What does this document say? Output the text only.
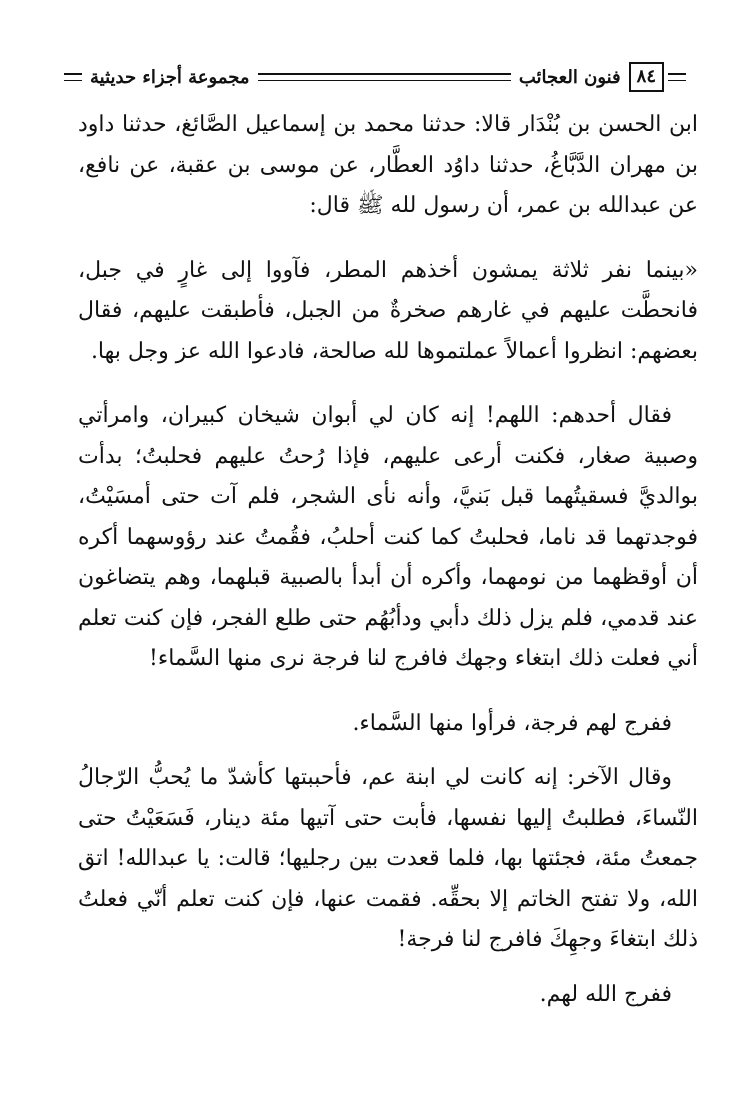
٨٤
فنون العجائب
مجموعة أجزاء حديثية

ابن الحسن بن بُنْدَار قالا: حدثنا محمد بن إسماعيل الصَّائغ، حدثنا داود بن مهران الدَّبَّاغُ، حدثنا داوُد العطَّار، عن موسى بن عقبة، عن نافع، عن عبدالله بن عمر، أن رسول لله ﷺ قال:

«بينما نفر ثلاثة يمشون أخذهم المطر، فآووا إلى غارٍ في جبل، فانحطَّت عليهم في غارهم صخرةٌ من الجبل، فأطبقت عليهم، فقال بعضهم: انظروا أعمالاً عملتموها لله صالحة، فادعوا الله عز وجل بها.

فقال أحدهم: اللهم! إنه كان لي أبوان شيخان كبيران، وامرأتي وصبية صغار، فكنت أرعى عليهم، فإذا رُحتُ عليهم فحلبتُ؛ بدأت بوالديَّ فسقيتُهما قبل بَنيَّ، وأنه نأى الشجر، فلم آت حتى أمسَيْتُ، فوجدتهما قد ناما، فحلبتُ كما كنت أحلبُ، فقُمتُ عند رؤوسهما أكره أن أوقظهما من نومهما، وأكره أن أبدأ بالصبية قبلهما، وهم يتضاغون عند قدمي، فلم يزل ذلك دأبي ودأبُهُم حتى طلع الفجر، فإن كنت تعلم أني فعلت ذلك ابتغاء وجهك فافرج لنا فرجة نرى منها السَّماء!

ففرج لهم فرجة، فرأوا منها السَّماء.

وقال الآخر: إنه كانت لي ابنة عم، فأحببتها كأشدّ ما يُحبُّ الرّجالُ النّساءَ، فطلبتُ إليها نفسها، فأبت حتى آتيها مئة دينار، فَسَعَيْتُ حتى جمعتُ مئة، فجئتها بها، فلما قعدت بين رجليها؛ قالت: يا عبدالله! اتق الله، ولا تفتح الخاتم إلا بحقِّه. فقمت عنها، فإن كنت تعلم أنّي فعلتُ ذلك ابتغاءَ وجهِكَ فافرج لنا فرجة!

ففرج الله لهم.
